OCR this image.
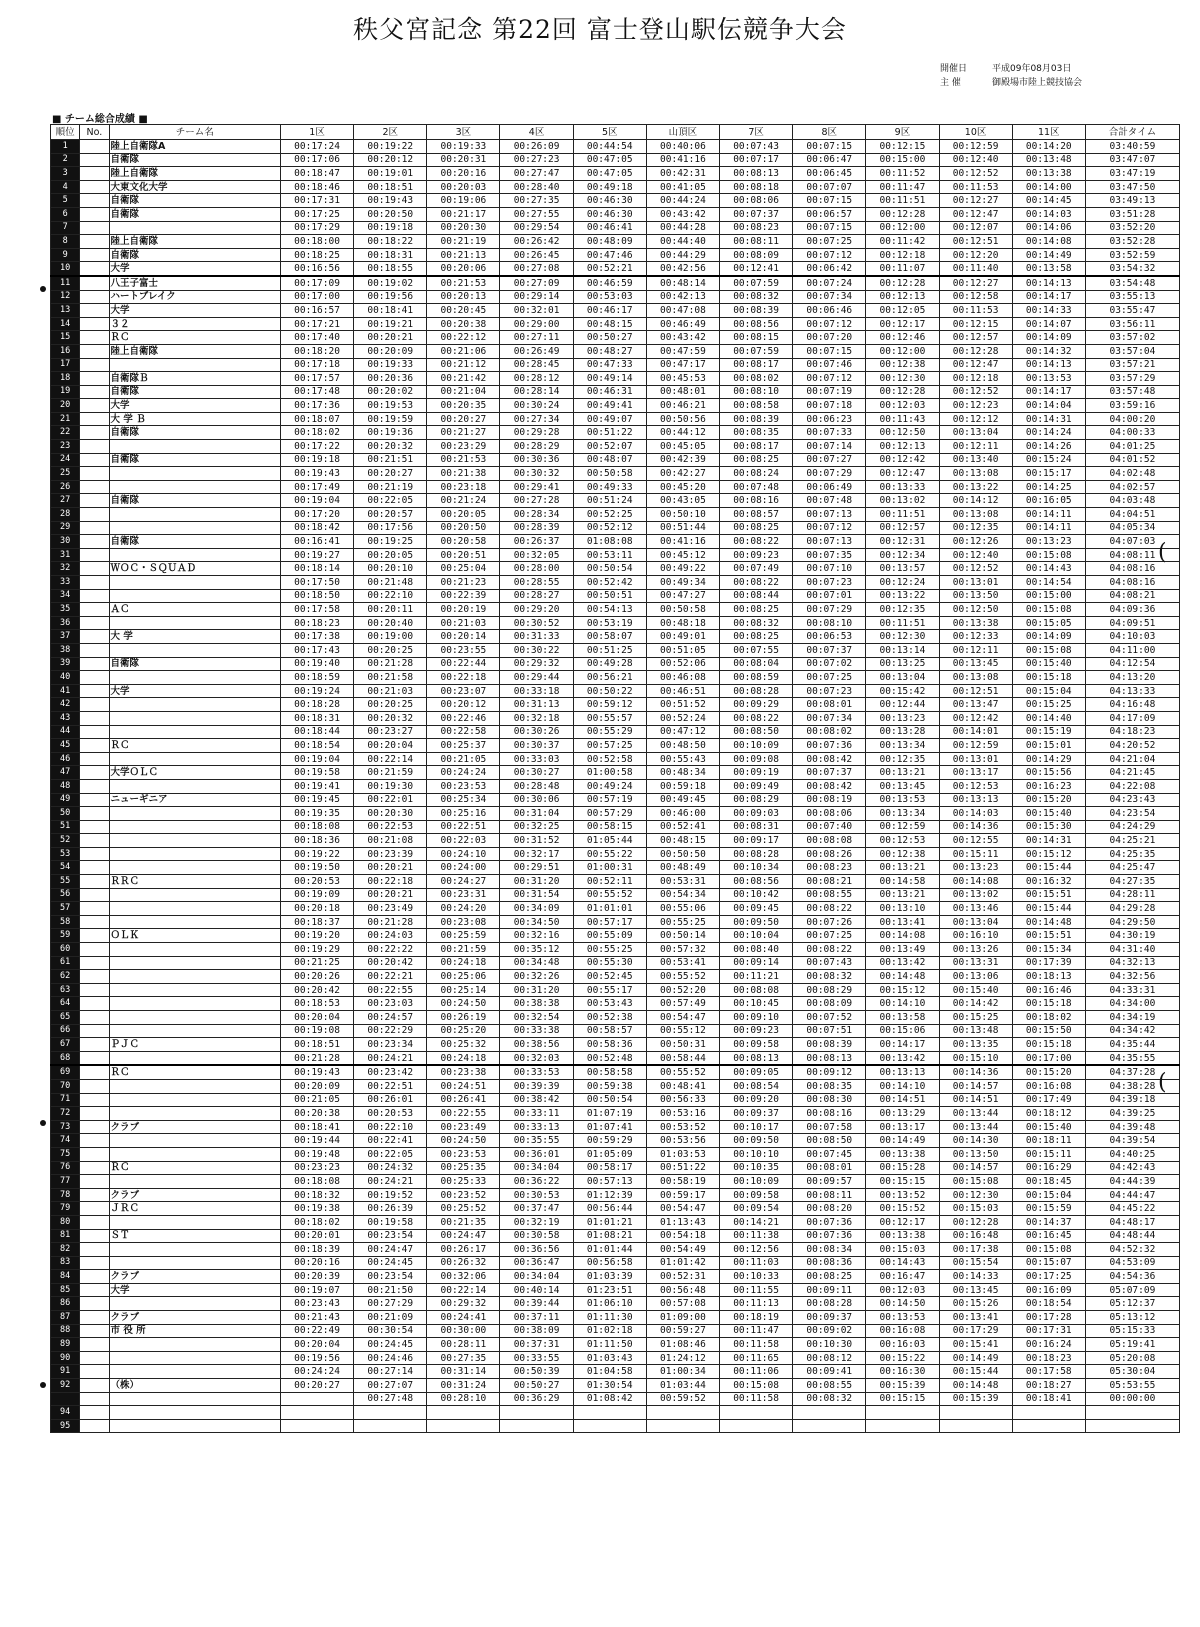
秩父宮記念 第22回 富士登山駅伝競争大会
開催日	平成09年08月03日
主 催	御殿場市陸上競技協会
■ チーム総合成績 ■
順位	No.	チーム名	1区	2区	3区	4区	5区	山頂区	7区	8区	9区	10区	11区	合計タイム
1		陸上自衛隊A	00:17:24	00:19:22	00:19:33	00:26:09	00:44:54	00:40:06	00:07:43	00:07:15	00:12:15	00:12:59	00:14:20	03:40:59
2		自衛隊	00:17:06	00:20:12	00:20:31	00:27:23	00:47:05	00:41:16	00:07:17	00:06:47	00:15:00	00:12:40	00:13:48	03:47:07
3		陸上自衛隊	00:18:47	00:19:01	00:20:16	00:27:47	00:47:05	00:42:31	00:08:13	00:06:45	00:11:52	00:12:52	00:13:38	03:47:19
4		大東文化大学	00:18:46	00:18:51	00:20:03	00:28:40	00:49:18	00:41:05	00:08:18	00:07:07	00:11:47	00:11:53	00:14:00	03:47:50
5		自衛隊	00:17:31	00:19:43	00:19:06	00:27:35	00:46:30	00:44:24	00:08:06	00:07:15	00:11:51	00:12:27	00:14:45	03:49:13
6		自衛隊	00:17:25	00:20:50	00:21:17	00:27:55	00:46:30	00:43:42	00:07:37	00:06:57	00:12:28	00:12:47	00:14:03	03:51:28
7			00:17:29	00:19:18	00:20:30	00:29:54	00:46:41	00:44:28	00:08:23	00:07:15	00:12:00	00:12:07	00:14:06	03:52:20
8		陸上自衛隊	00:18:00	00:18:22	00:21:19	00:26:42	00:48:09	00:44:40	00:08:11	00:07:25	00:11:42	00:12:51	00:14:08	03:52:28
9		自衛隊	00:18:25	00:18:31	00:21:13	00:26:45	00:47:46	00:44:29	00:08:09	00:07:12	00:12:18	00:12:20	00:14:49	03:52:59
10		大学	00:16:56	00:18:55	00:20:06	00:27:08	00:52:21	00:42:56	00:12:41	00:06:42	00:11:07	00:11:40	00:13:58	03:54:32
11		八王子富士	00:17:09	00:19:02	00:21:53	00:27:09	00:46:59	00:48:14	00:07:59	00:07:24	00:12:28	00:12:27	00:14:13	03:54:48
12		ハートブレイク	00:17:00	00:19:56	00:20:13	00:29:14	00:53:03	00:42:13	00:08:32	00:07:34	00:12:13	00:12:58	00:14:17	03:55:13
13		大学	00:16:57	00:18:41	00:20:45	00:32:01	00:46:17	00:47:08	00:08:39	00:06:46	00:12:05	00:11:53	00:14:33	03:55:47
14		３２	00:17:21	00:19:21	00:20:38	00:29:00	00:48:15	00:46:49	00:08:56	00:07:12	00:12:17	00:12:15	00:14:07	03:56:11
15		ＲＣ	00:17:40	00:20:21	00:22:12	00:27:11	00:50:27	00:43:42	00:08:15	00:07:20	00:12:46	00:12:57	00:14:09	03:57:02
16		陸上自衛隊	00:18:20	00:20:09	00:21:06	00:26:49	00:48:27	00:47:59	00:07:59	00:07:15	00:12:00	00:12:28	00:14:32	03:57:04
17			00:17:18	00:19:33	00:21:12	00:28:45	00:47:33	00:47:17	00:08:17	00:07:46	00:12:38	00:12:47	00:14:13	03:57:21
18		自衛隊Ｂ	00:17:57	00:20:36	00:21:42	00:28:12	00:49:14	00:45:53	00:08:02	00:07:12	00:12:30	00:12:18	00:13:53	03:57:29
19		自衛隊	00:17:48	00:20:02	00:21:04	00:28:14	00:46:31	00:48:01	00:08:10	00:07:19	00:12:28	00:12:52	00:14:17	03:57:48
20		大学	00:17:36	00:19:53	00:20:35	00:30:24	00:49:41	00:46:21	00:08:58	00:07:18	00:12:03	00:12:23	00:14:04	03:59:16
21		大 学 Ｂ	00:18:07	00:19:59	00:20:27	00:27:34	00:49:07	00:50:56	00:08:39	00:06:23	00:11:43	00:12:12	00:14:31	04:00:20
22		自衛隊	00:18:02	00:19:36	00:21:27	00:29:28	00:51:22	00:44:12	00:08:35	00:07:33	00:12:50	00:13:04	00:14:24	04:00:33
23			00:17:22	00:20:32	00:23:29	00:28:29	00:52:07	00:45:05	00:08:17	00:07:14	00:12:13	00:12:11	00:14:26	04:01:25
24		自衛隊	00:19:18	00:21:51	00:21:53	00:30:36	00:48:07	00:42:39	00:08:25	00:07:27	00:12:42	00:13:40	00:15:24	04:01:52
25			00:19:43	00:20:27	00:21:38	00:30:32	00:50:58	00:42:27	00:08:24	00:07:29	00:12:47	00:13:08	00:15:17	04:02:48
26			00:17:49	00:21:19	00:23:18	00:29:41	00:49:33	00:45:20	00:07:48	00:06:49	00:13:33	00:13:22	00:14:25	04:02:57
27		自衛隊	00:19:04	00:22:05	00:21:24	00:27:28	00:51:24	00:43:05	00:08:16	00:07:48	00:13:02	00:14:12	00:16:05	04:03:48
28			00:17:20	00:20:57	00:20:05	00:28:34	00:52:25	00:50:10	00:08:57	00:07:13	00:11:51	00:13:08	00:14:11	04:04:51
29			00:18:42	00:17:56	00:20:50	00:28:39	00:52:12	00:51:44	00:08:25	00:07:12	00:12:57	00:12:35	00:14:11	04:05:34
30		自衛隊	00:16:41	00:19:25	00:20:58	00:26:37	01:08:08	00:41:16	00:08:22	00:07:13	00:12:31	00:12:26	00:13:23	04:07:03
31			00:19:27	00:20:05	00:20:51	00:32:05	00:53:11	00:45:12	00:09:23	00:07:35	00:12:34	00:12:40	00:15:08	04:08:11
32		ＷＯＣ・ＳＱＵＡＤ	00:18:14	00:20:10	00:25:04	00:28:00	00:50:54	00:49:22	00:07:49	00:07:10	00:13:57	00:12:52	00:14:43	04:08:16
33			00:17:50	00:21:48	00:21:23	00:28:55	00:52:42	00:49:34	00:08:22	00:07:23	00:12:24	00:13:01	00:14:54	04:08:16
34			00:18:50	00:22:10	00:22:39	00:28:27	00:50:51	00:47:27	00:08:44	00:07:01	00:13:22	00:13:50	00:15:00	04:08:21
35		ＡＣ	00:17:58	00:20:11	00:20:19	00:29:20	00:54:13	00:50:58	00:08:25	00:07:29	00:12:35	00:12:50	00:15:08	04:09:36
36			00:18:23	00:20:40	00:21:03	00:30:52	00:53:19	00:48:18	00:08:32	00:08:10	00:11:51	00:13:38	00:15:05	04:09:51
37		大 学	00:17:38	00:19:00	00:20:14	00:31:33	00:58:07	00:49:01	00:08:25	00:06:53	00:12:30	00:12:33	00:14:09	04:10:03
38			00:17:43	00:20:25	00:23:55	00:30:22	00:51:25	00:51:05	00:07:55	00:07:37	00:13:14	00:12:11	00:15:08	04:11:00
39		自衛隊	00:19:40	00:21:28	00:22:44	00:29:32	00:49:28	00:52:06	00:08:04	00:07:02	00:13:25	00:13:45	00:15:40	04:12:54
40			00:18:59	00:21:58	00:22:18	00:29:44	00:56:21	00:46:08	00:08:59	00:07:25	00:13:04	00:13:08	00:15:18	04:13:20
41		大学	00:19:24	00:21:03	00:23:07	00:33:18	00:50:22	00:46:51	00:08:28	00:07:23	00:15:42	00:12:51	00:15:04	04:13:33
42			00:18:28	00:20:25	00:20:12	00:31:13	00:59:12	00:51:52	00:09:29	00:08:01	00:12:44	00:13:47	00:15:25	04:16:48
43			00:18:31	00:20:32	00:22:46	00:32:18	00:55:57	00:52:24	00:08:22	00:07:34	00:13:23	00:12:42	00:14:40	04:17:09
44			00:18:44	00:23:27	00:22:58	00:30:26	00:55:29	00:47:12	00:08:50	00:08:02	00:13:28	00:14:01	00:15:19	04:18:23
45		ＲＣ	00:18:54	00:20:04	00:25:37	00:30:37	00:57:25	00:48:50	00:10:09	00:07:36	00:13:34	00:12:59	00:15:01	04:20:52
46			00:19:04	00:22:14	00:21:05	00:33:03	00:52:58	00:55:43	00:09:08	00:08:42	00:12:35	00:13:01	00:14:29	04:21:04
47		大学ＯＬＣ	00:19:58	00:21:59	00:24:24	00:30:27	01:00:58	00:48:34	00:09:19	00:07:37	00:13:21	00:13:17	00:15:56	04:21:45
48			00:19:41	00:19:30	00:23:53	00:28:48	00:49:24	00:59:18	00:09:49	00:08:42	00:13:45	00:12:53	00:16:23	04:22:08
49		ニューギニア	00:19:45	00:22:01	00:25:34	00:30:06	00:57:19	00:49:45	00:08:29	00:08:19	00:13:53	00:13:13	00:15:20	04:23:43
50			00:19:35	00:20:30	00:25:16	00:31:04	00:57:29	00:46:00	00:09:03	00:08:06	00:13:34	00:14:03	00:15:40	04:23:54
51			00:18:08	00:22:53	00:22:51	00:32:25	00:58:15	00:52:41	00:08:31	00:07:40	00:12:59	00:14:36	00:15:30	04:24:29
52			00:18:36	00:21:08	00:22:03	00:31:52	01:05:44	00:48:15	00:09:17	00:08:08	00:12:53	00:12:55	00:14:31	04:25:21
53			00:19:22	00:23:39	00:24:10	00:32:17	00:55:22	00:50:50	00:08:28	00:08:26	00:12:38	00:15:11	00:15:12	04:25:35
54			00:19:50	00:20:21	00:24:00	00:29:51	01:00:31	00:48:49	00:10:34	00:08:23	00:13:21	00:13:23	00:15:44	04:25:47
55		ＲＲＣ	00:20:53	00:22:18	00:24:27	00:31:20	00:52:11	00:53:31	00:08:56	00:08:21	00:14:58	00:14:08	00:16:32	04:27:35
56			00:19:09	00:20:21	00:23:31	00:31:54	00:55:52	00:54:34	00:10:42	00:08:55	00:13:21	00:13:02	00:15:51	04:28:11
57			00:20:18	00:23:49	00:24:20	00:34:09	01:01:01	00:55:06	00:09:45	00:08:22	00:13:10	00:13:46	00:15:44	04:29:28
58			00:18:37	00:21:28	00:23:08	00:34:50	00:57:17	00:55:25	00:09:50	00:07:26	00:13:41	00:13:04	00:14:48	04:29:50
59		ＯＬＫ	00:19:20	00:24:03	00:25:59	00:32:16	00:55:09	00:50:14	00:10:04	00:07:25	00:14:08	00:16:10	00:15:51	04:30:19
60			00:19:29	00:22:22	00:21:59	00:35:12	00:55:25	00:57:32	00:08:40	00:08:22	00:13:49	00:13:26	00:15:34	04:31:40
61			00:21:25	00:20:42	00:24:18	00:34:48	00:55:30	00:53:41	00:09:14	00:07:43	00:13:42	00:13:31	00:17:39	04:32:13
62			00:20:26	00:22:21	00:25:06	00:32:26	00:52:45	00:55:52	00:11:21	00:08:32	00:14:48	00:13:06	00:18:13	04:32:56
63			00:20:42	00:22:55	00:25:14	00:31:20	00:55:17	00:52:20	00:08:08	00:08:29	00:15:12	00:15:40	00:16:46	04:33:31
64			00:18:53	00:23:03	00:24:50	00:38:38	00:53:43	00:57:49	00:10:45	00:08:09	00:14:10	00:14:42	00:15:18	04:34:00
65			00:20:04	00:24:57	00:26:19	00:32:54	00:52:38	00:54:47	00:09:10	00:07:52	00:13:58	00:15:25	00:18:02	04:34:19
66			00:19:08	00:22:29	00:25:20	00:33:38	00:58:57	00:55:12	00:09:23	00:07:51	00:15:06	00:13:48	00:15:50	04:34:42
67		ＰＪＣ	00:18:51	00:23:34	00:25:32	00:38:56	00:58:36	00:50:31	00:09:58	00:08:39	00:14:17	00:13:35	00:15:18	04:35:44
68			00:21:28	00:24:21	00:24:18	00:32:03	00:52:48	00:58:44	00:08:13	00:08:13	00:13:42	00:15:10	00:17:00	04:35:55
69		ＲＣ	00:19:43	00:23:42	00:23:38	00:33:53	00:58:58	00:55:52	00:09:05	00:09:12	00:13:13	00:14:36	00:15:20	04:37:28
70			00:20:09	00:22:51	00:24:51	00:39:39	00:59:38	00:48:41	00:08:54	00:08:35	00:14:10	00:14:57	00:16:08	04:38:28
71			00:21:05	00:26:01	00:26:41	00:38:42	00:50:54	00:56:33	00:09:20	00:08:30	00:14:51	00:14:51	00:17:49	04:39:18
72			00:20:38	00:20:53	00:22:55	00:33:11	01:07:19	00:53:16	00:09:37	00:08:16	00:13:29	00:13:44	00:18:12	04:39:25
73		クラブ	00:18:41	00:22:10	00:23:49	00:33:13	01:07:41	00:53:52	00:10:17	00:07:58	00:13:17	00:13:44	00:15:40	04:39:48
74			00:19:44	00:22:41	00:24:50	00:35:55	00:59:29	00:53:56	00:09:50	00:08:50	00:14:49	00:14:30	00:18:11	04:39:54
75			00:19:48	00:22:05	00:23:53	00:36:01	01:05:09	01:03:53	00:10:10	00:07:45	00:13:38	00:13:50	00:15:11	04:40:25
76		ＲＣ	00:23:23	00:24:32	00:25:35	00:34:04	00:58:17	00:51:22	00:10:35	00:08:01	00:15:28	00:14:57	00:16:29	04:42:43
77			00:18:08	00:24:21	00:25:33	00:36:22	00:57:13	00:58:19	00:10:09	00:09:57	00:15:15	00:15:08	00:18:45	04:44:39
78		クラブ	00:18:32	00:19:52	00:23:52	00:30:53	01:12:39	00:59:17	00:09:58	00:08:11	00:13:52	00:12:30	00:15:04	04:44:47
79		ＪＲＣ	00:19:38	00:26:39	00:25:52	00:37:47	00:56:44	00:54:47	00:09:54	00:08:20	00:15:52	00:15:03	00:15:59	04:45:22
80			00:18:02	00:19:58	00:21:35	00:32:19	01:01:21	01:13:43	00:14:21	00:07:36	00:12:17	00:12:28	00:14:37	04:48:17
81		ＳＴ	00:20:01	00:23:54	00:24:47	00:30:58	01:08:21	00:54:18	00:11:38	00:07:36	00:13:38	00:16:48	00:16:45	04:48:44
82			00:18:39	00:24:47	00:26:17	00:36:56	01:01:44	00:54:49	00:12:56	00:08:34	00:15:03	00:17:38	00:15:08	04:52:32
83			00:20:16	00:24:45	00:26:32	00:36:47	00:56:58	01:01:42	00:11:03	00:08:36	00:14:43	00:15:54	00:15:07	04:53:09
84		クラブ	00:20:39	00:23:54	00:32:06	00:34:04	01:03:39	00:52:31	00:10:33	00:08:25	00:16:47	00:14:33	00:17:25	04:54:36
85		大学	00:19:07	00:21:50	00:22:14	00:40:14	01:23:51	00:56:48	00:11:55	00:09:11	00:12:03	00:13:45	00:16:09	05:07:09
86			00:23:43	00:27:29	00:29:32	00:39:44	01:06:10	00:57:08	00:11:13	00:08:28	00:14:50	00:15:26	00:18:54	05:12:37
87		クラブ	00:21:43	00:21:09	00:24:41	00:37:11	01:11:30	01:09:00	00:18:19	00:09:37	00:13:53	00:13:41	00:17:28	05:13:12
88		市 役 所	00:22:49	00:30:54	00:30:00	00:38:09	01:02:18	00:59:27	00:11:47	00:09:02	00:16:08	00:17:29	00:17:31	05:15:33
89			00:20:04	00:24:45	00:28:11	00:37:31	01:11:50	01:08:46	00:11:58	00:10:30	00:16:03	00:15:41	00:16:24	05:19:41
90			00:19:56	00:24:46	00:27:35	00:33:55	01:03:43	01:24:12	00:11:65	00:08:12	00:15:22	00:14:49	00:18:23	05:20:08
91			00:24:24	00:27:14	00:31:14	00:50:39	01:04:58	01:00:34	00:11:06	00:09:41	00:16:30	00:15:44	00:17:58	05:30:04
92		（株）	00:20:27	00:27:07	00:31:24	00:50:27	01:30:54	01:03:44	00:15:08	00:08:55	00:15:39	00:14:48	00:18:27	05:53:55
				00:27:48	00:28:10	00:36:29	01:08:42	00:59:52	00:11:58	00:08:32	00:15:15	00:15:39	00:18:41	00:00:00
94														
95														
(
(
